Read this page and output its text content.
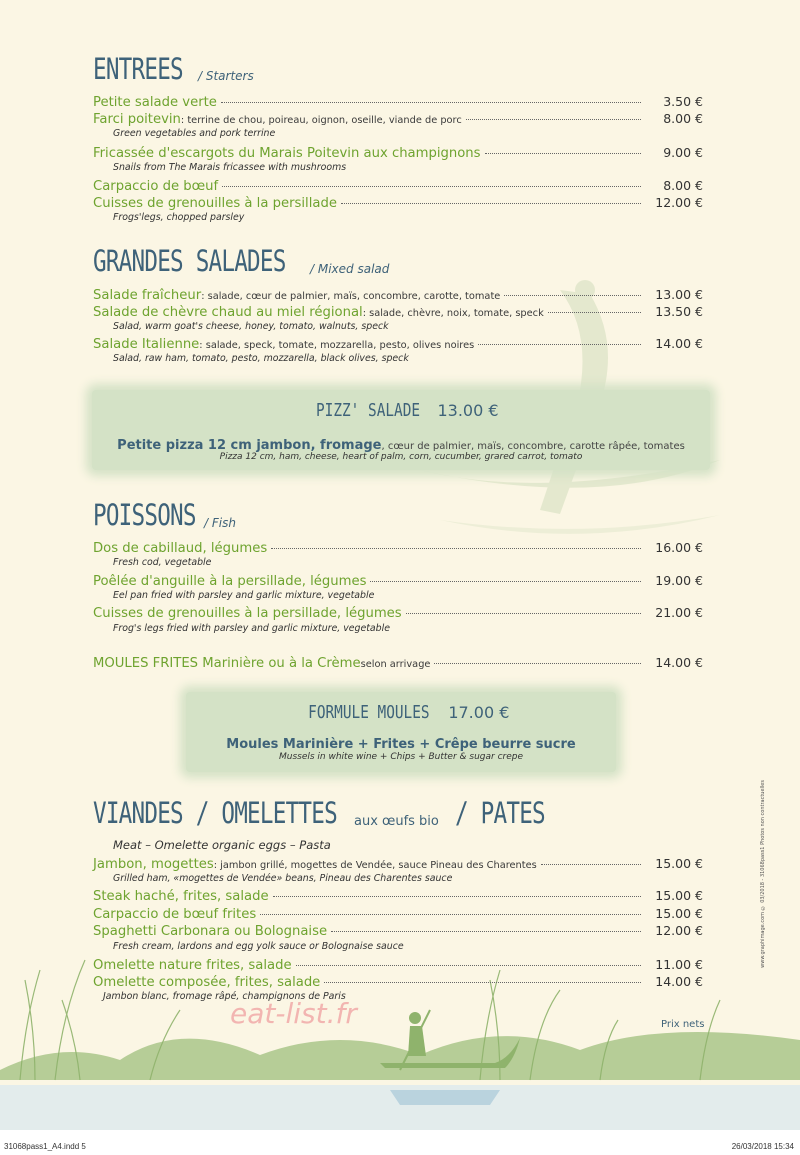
ENTREES / Starters
Petite salade verte	3.50 €
Farci poitevin : terrine de chou, poireau, oignon, oseille, viande de porc	8.00 €
Green vegetables and pork terrine
Fricassée d'escargots du Marais Poitevin aux champignons	9.00 €
Snails from The Marais fricassee with mushrooms
Carpaccio de bœuf	8.00 €
Cuisses de grenouilles à la persillade	12.00 €
Frogs'legs, chopped parsley
GRANDES SALADES / Mixed salad
Salade fraîcheur : salade, cœur de palmier, maïs, concombre, carotte, tomate	13.00 €
Salade de chèvre chaud au miel régional : salade, chèvre, noix, tomate, speck	13.50 €
Salad, warm goat's cheese, honey, tomato, walnuts, speck
Salade Italienne : salade, speck, tomate, mozzarella, pesto, olives noires	14.00 €
Salad, raw ham, tomato, pesto, mozzarella, black olives, speck
PIZZ' SALADE 13.00 €
Petite pizza 12 cm jambon, fromage, cœur de palmier, maïs, concombre, carotte râpée, tomates
Pizza 12 cm, ham, cheese, heart of palm, corn, cucumber, grared carrot, tomato
POISSONS / Fish
Dos de cabillaud, légumes	16.00 €
Fresh cod, vegetable
Poêlée d'anguille à la persillade, légumes	19.00 €
Eel pan fried with parsley and garlic mixture, vegetable
Cuisses de grenouilles à la persillade, légumes	21.00 €
Frog's legs fried with parsley and garlic mixture, vegetable
MOULES FRITES Marinière ou à la Crème selon arrivage	14.00 €
FORMULE MOULES 17.00 €
Moules Marinière + Frites + Crêpe beurre sucre
Mussels in white wine + Chips + Butter & sugar crepe
VIANDES / OMELETTES aux œufs bio / PATES
Meat – Omelette organic eggs – Pasta
Jambon, mogettes : jambon grillé, mogettes de Vendée, sauce Pineau des Charentes	15.00 €
Grilled ham, «mogettes de Vendée» beans, Pineau des Charentes sauce
Steak haché, frites, salade	15.00 €
Carpaccio de bœuf frites	15.00 €
Spaghetti Carbonara ou Bolognaise	12.00 €
Fresh cream, lardons and egg yolk sauce or Bolognaise sauce
Omelette nature frites, salade	11.00 €
Omelette composée, frites, salade	14.00 €
Jambon blanc, fromage râpé, champignons de Paris
eat-list.fr	Prix nets
www.graphimage.com © 03/2018 - 31068pass1 Photos non contractuelles
31068pass1_A4.indd 5	26/03/2018 15:34
